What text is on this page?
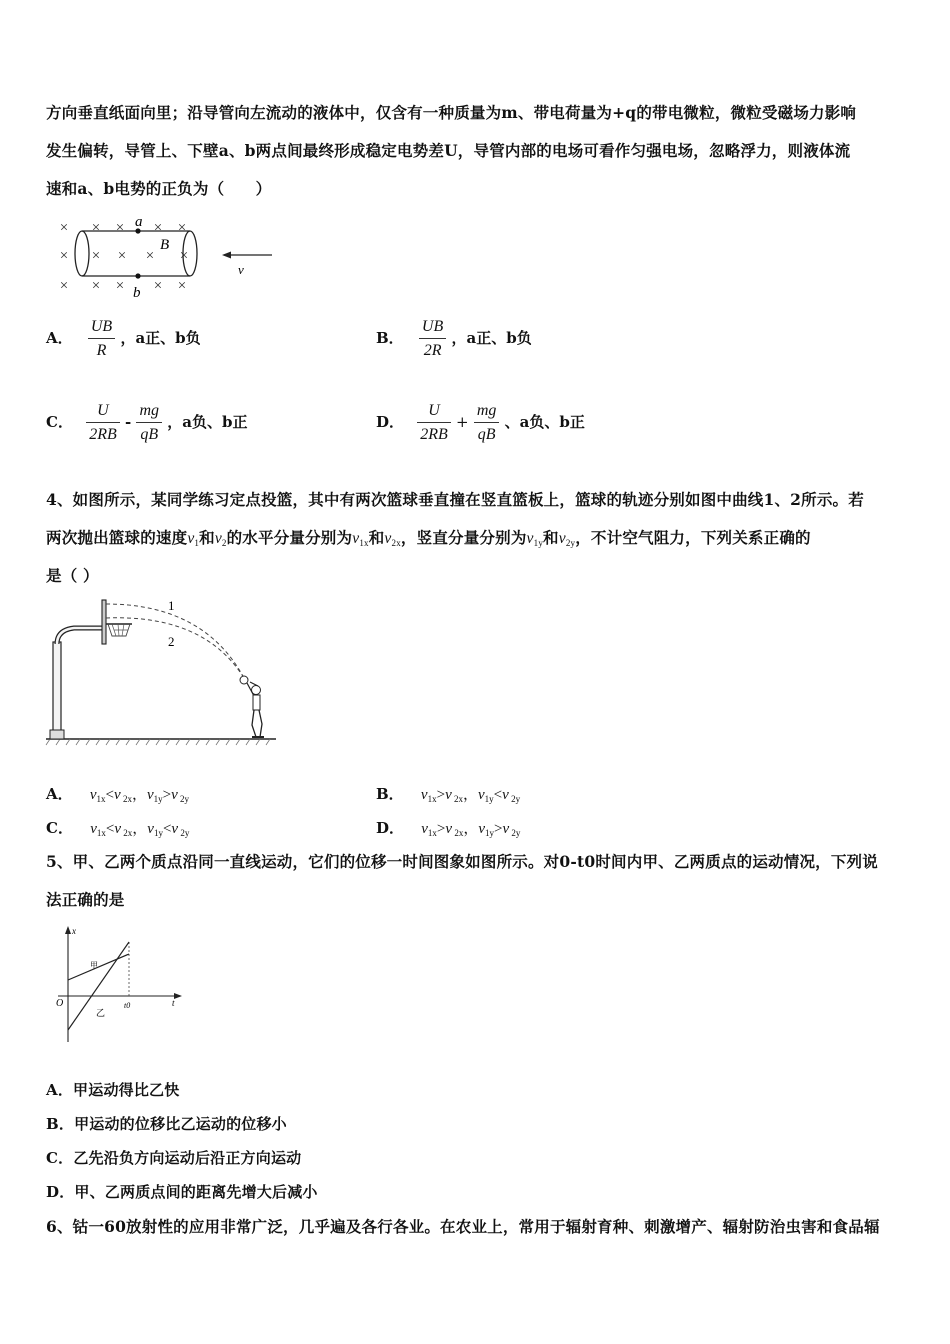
方向垂直纸面向里；沿导管向左流动的液体中，仅含有一种质量为m、带电荷量为+q的带电微粒，微粒受磁场力影响
发生偏转，导管上、下壁a、b两点间最终形成稳定电势差U，导管内部的电场可看作匀强电场，忽略浮力，则液体流
速和a、b电势的正负为（　　）
× × × × ×
× × × × ×
× × × × ×
a
b
B
v
A． $\frac{UB}{R}$ ，a正、b负	B． $\frac{UB}{2R}$ ，a正、b负
C． $\frac{U}{2RB} - \frac{mg}{qB}$ ，a负、b正	D． $\frac{U}{2RB} + \frac{mg}{qB}$ 、a负、b正
4、如图所示，某同学练习定点投篮，其中有两次篮球垂直撞在竖直篮板上，篮球的轨迹分别如图中曲线1、2所示。若
两次抛出篮球的速度$v_1$和$v_2$的水平分量分别为$v_{1x}$和$v_{2x}$，竖直分量分别为$v_{1y}$和$v_{2y}$，不计空气阻力，下列关系正确的
是（ ）
1
2
A． $v_{1x}<v$ $_{2x}$，$v_{1y}>v$ $_{2y}$	B． $v_{1x}>v$ $_{2x}$，$v_{1y}<v$ $_{2y}$
C． $v_{1x}<v$ $_{2x}$，$v_{1y}<v$ $_{2y}$	D． $v_{1x}>v$ $_{2x}$，$v_{1y}>v$ $_{2y}$
5、甲、乙两个质点沿同一直线运动，它们的位移一时间图象如图所示。对0-t0时间内甲、乙两质点的运动情况，下列说
法正确的是
x
t
O	t0
甲
乙
A．甲运动得比乙快
B．甲运动的位移比乙运动的位移小
C．乙先沿负方向运动后沿正方向运动
D．甲、乙两质点间的距离先增大后减小
6、钴一60放射性的应用非常广泛，几乎遍及各行各业。在农业上，常用于辐射育种、刺激增产、辐射防治虫害和食品辐
